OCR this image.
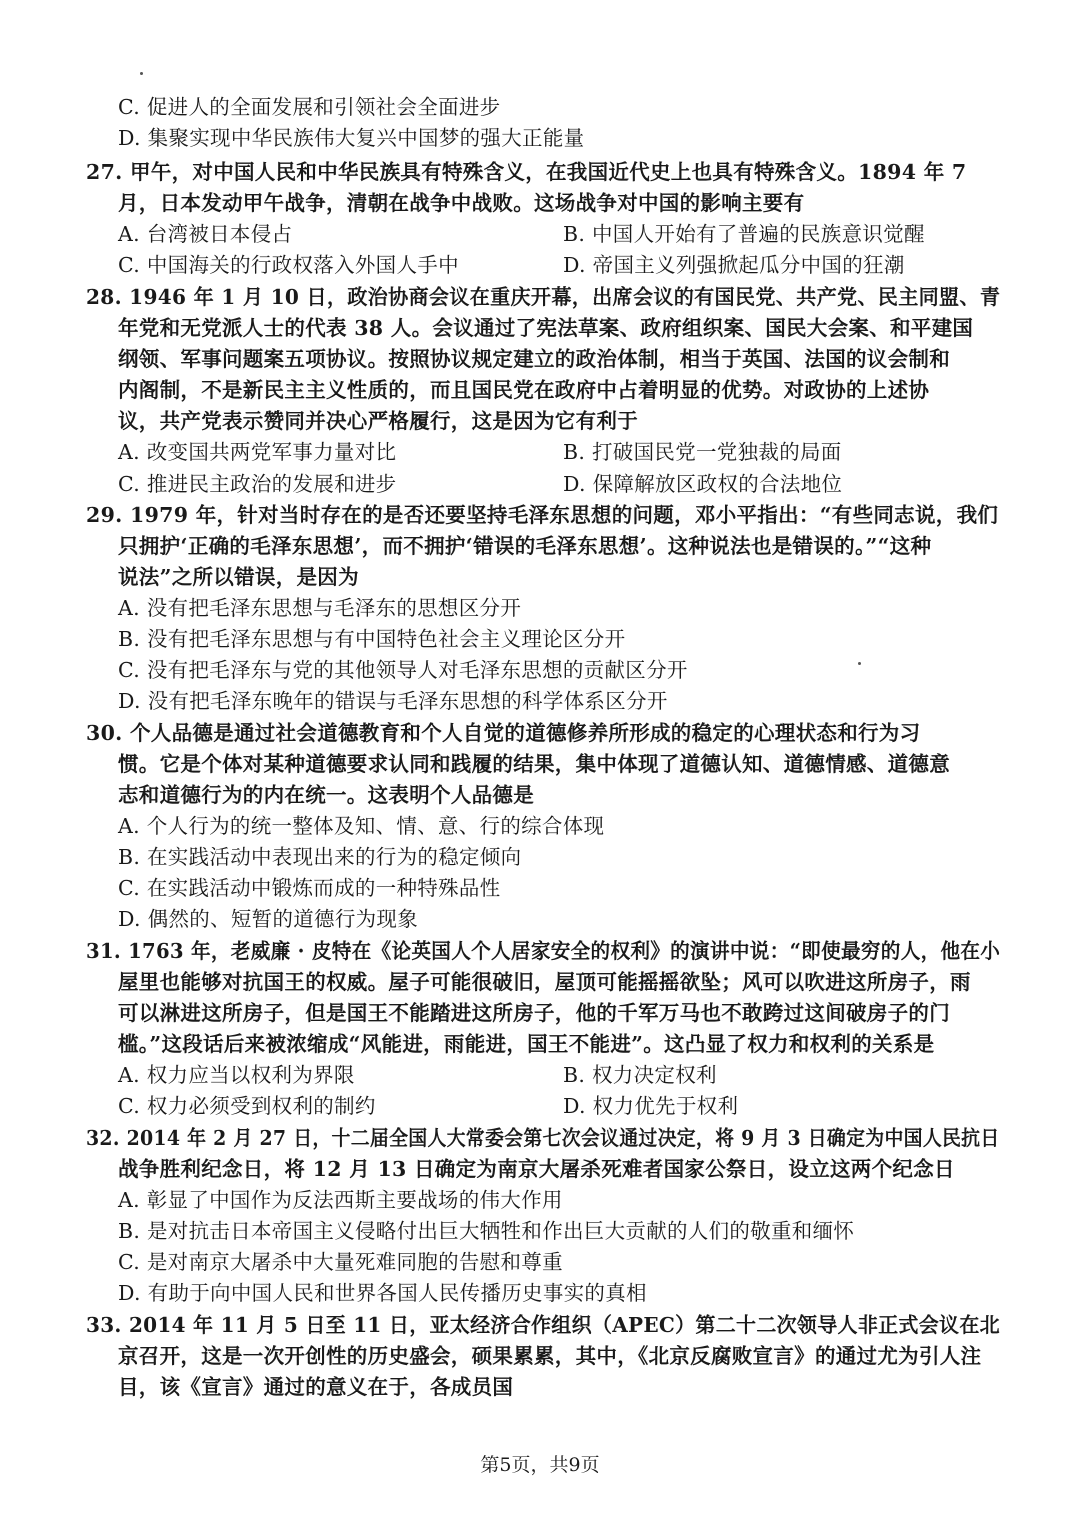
C. 促进人的全面发展和引领社会全面进步
D. 集聚实现中华民族伟大复兴中国梦的强大正能量
27. 甲午，对中国人民和中华民族具有特殊含义，在我国近代史上也具有特殊含义。1894 年 7
月，日本发动甲午战争，清朝在战争中战败。这场战争对中国的影响主要有
A. 台湾被日本侵占	B. 中国人开始有了普遍的民族意识觉醒
C. 中国海关的行政权落入外国人手中	D. 帝国主义列强掀起瓜分中国的狂潮
28. 1946 年 1 月 10 日，政治协商会议在重庆开幕，出席会议的有国民党、共产党、民主同盟、青
年党和无党派人士的代表 38 人。会议通过了宪法草案、政府组织案、国民大会案、和平建国
纲领、军事问题案五项协议。按照协议规定建立的政治体制，相当于英国、法国的议会制和
内阁制，不是新民主主义性质的，而且国民党在政府中占着明显的优势。对政协的上述协
议，共产党表示赞同并决心严格履行，这是因为它有利于
A. 改变国共两党军事力量对比	B. 打破国民党一党独裁的局面
C. 推进民主政治的发展和进步	D. 保障解放区政权的合法地位
29. 1979 年，针对当时存在的是否还要坚持毛泽东思想的问题，邓小平指出：“有些同志说，我们
只拥护‘正确的毛泽东思想’，而不拥护‘错误的毛泽东思想’。这种说法也是错误的。”“这种
说法”之所以错误，是因为
A. 没有把毛泽东思想与毛泽东的思想区分开
B. 没有把毛泽东思想与有中国特色社会主义理论区分开
C. 没有把毛泽东与党的其他领导人对毛泽东思想的贡献区分开
D. 没有把毛泽东晚年的错误与毛泽东思想的科学体系区分开
30. 个人品德是通过社会道德教育和个人自觉的道德修养所形成的稳定的心理状态和行为习
惯。它是个体对某种道德要求认同和践履的结果，集中体现了道德认知、道德情感、道德意
志和道德行为的内在统一。这表明个人品德是
A. 个人行为的统一整体及知、情、意、行的综合体现
B. 在实践活动中表现出来的行为的稳定倾向
C. 在实践活动中锻炼而成的一种特殊品性
D. 偶然的、短暂的道德行为现象
31. 1763 年，老威廉 · 皮特在《论英国人个人居家安全的权利》的演讲中说：“即使最穷的人，他在小
屋里也能够对抗国王的权威。屋子可能很破旧，屋顶可能摇摇欲坠；风可以吹进这所房子，雨
可以淋进这所房子，但是国王不能踏进这所房子，他的千军万马也不敢跨过这间破房子的门
槛。”这段话后来被浓缩成“风能进，雨能进，国王不能进”。这凸显了权力和权利的关系是
A. 权力应当以权利为界限	B. 权力决定权利
C. 权力必须受到权利的制约	D. 权力优先于权利
32. 2014 年 2 月 27 日，十二届全国人大常委会第七次会议通过决定，将 9 月 3 日确定为中国人民抗日
战争胜利纪念日，将 12 月 13 日确定为南京大屠杀死难者国家公祭日，设立这两个纪念日
A. 彰显了中国作为反法西斯主要战场的伟大作用
B. 是对抗击日本帝国主义侵略付出巨大牺牲和作出巨大贡献的人们的敬重和缅怀
C. 是对南京大屠杀中大量死难同胞的告慰和尊重
D. 有助于向中国人民和世界各国人民传播历史事实的真相
33. 2014 年 11 月 5 日至 11 日，亚太经济合作组织（APEC）第二十二次领导人非正式会议在北
京召开，这是一次开创性的历史盛会，硕果累累，其中，《北京反腐败宣言》的通过尤为引人注
目，该《宣言》通过的意义在于，各成员国
第5页，共9页
